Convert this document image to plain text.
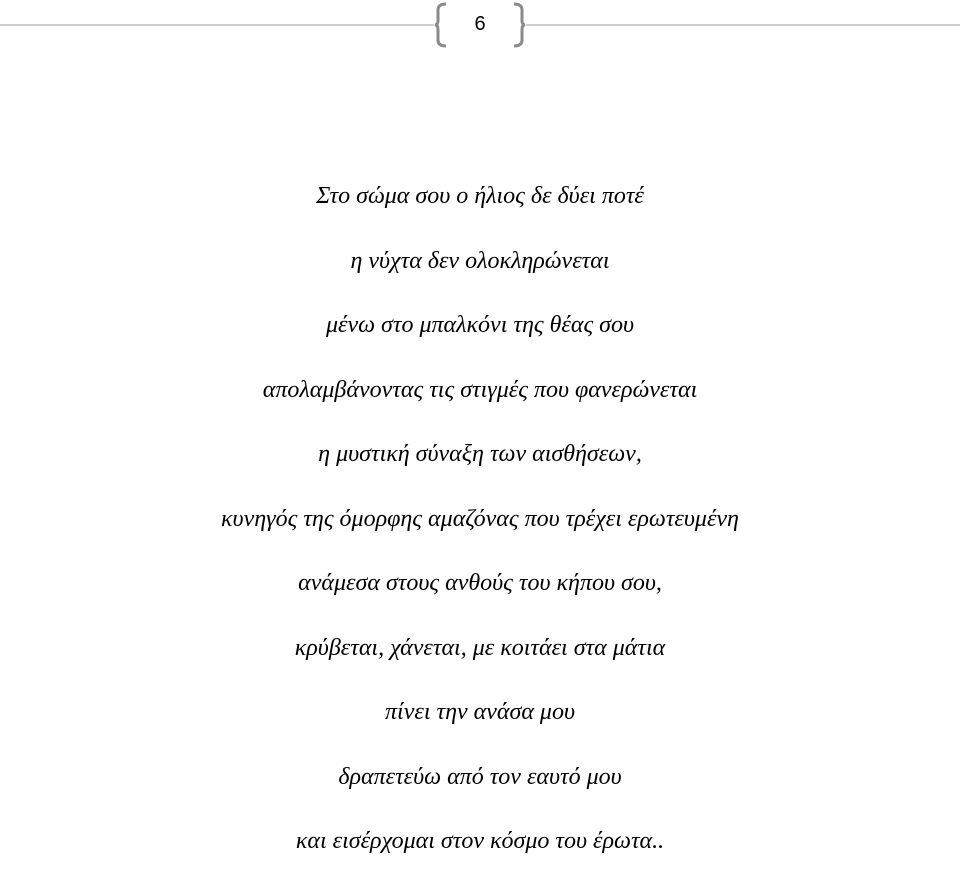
6
Στο σώμα σου ο ήλιος δε δύει ποτέ
η νύχτα δεν ολοκληρώνεται
μένω στο μπαλκόνι της θέας σου
απολαμβάνοντας τις στιγμές που φανερώνεται
η μυστική σύναξη των αισθήσεων,
κυνηγός της όμορφης αμαζόνας που τρέχει ερωτευμένη
ανάμεσα στους ανθούς του κήπου σου,
κρύβεται, χάνεται, με κοιτάει στα μάτια
πίνει την ανάσα μου
δραπετεύω από τον εαυτό μου
και εισέρχομαι στον κόσμο του έρωτα..
